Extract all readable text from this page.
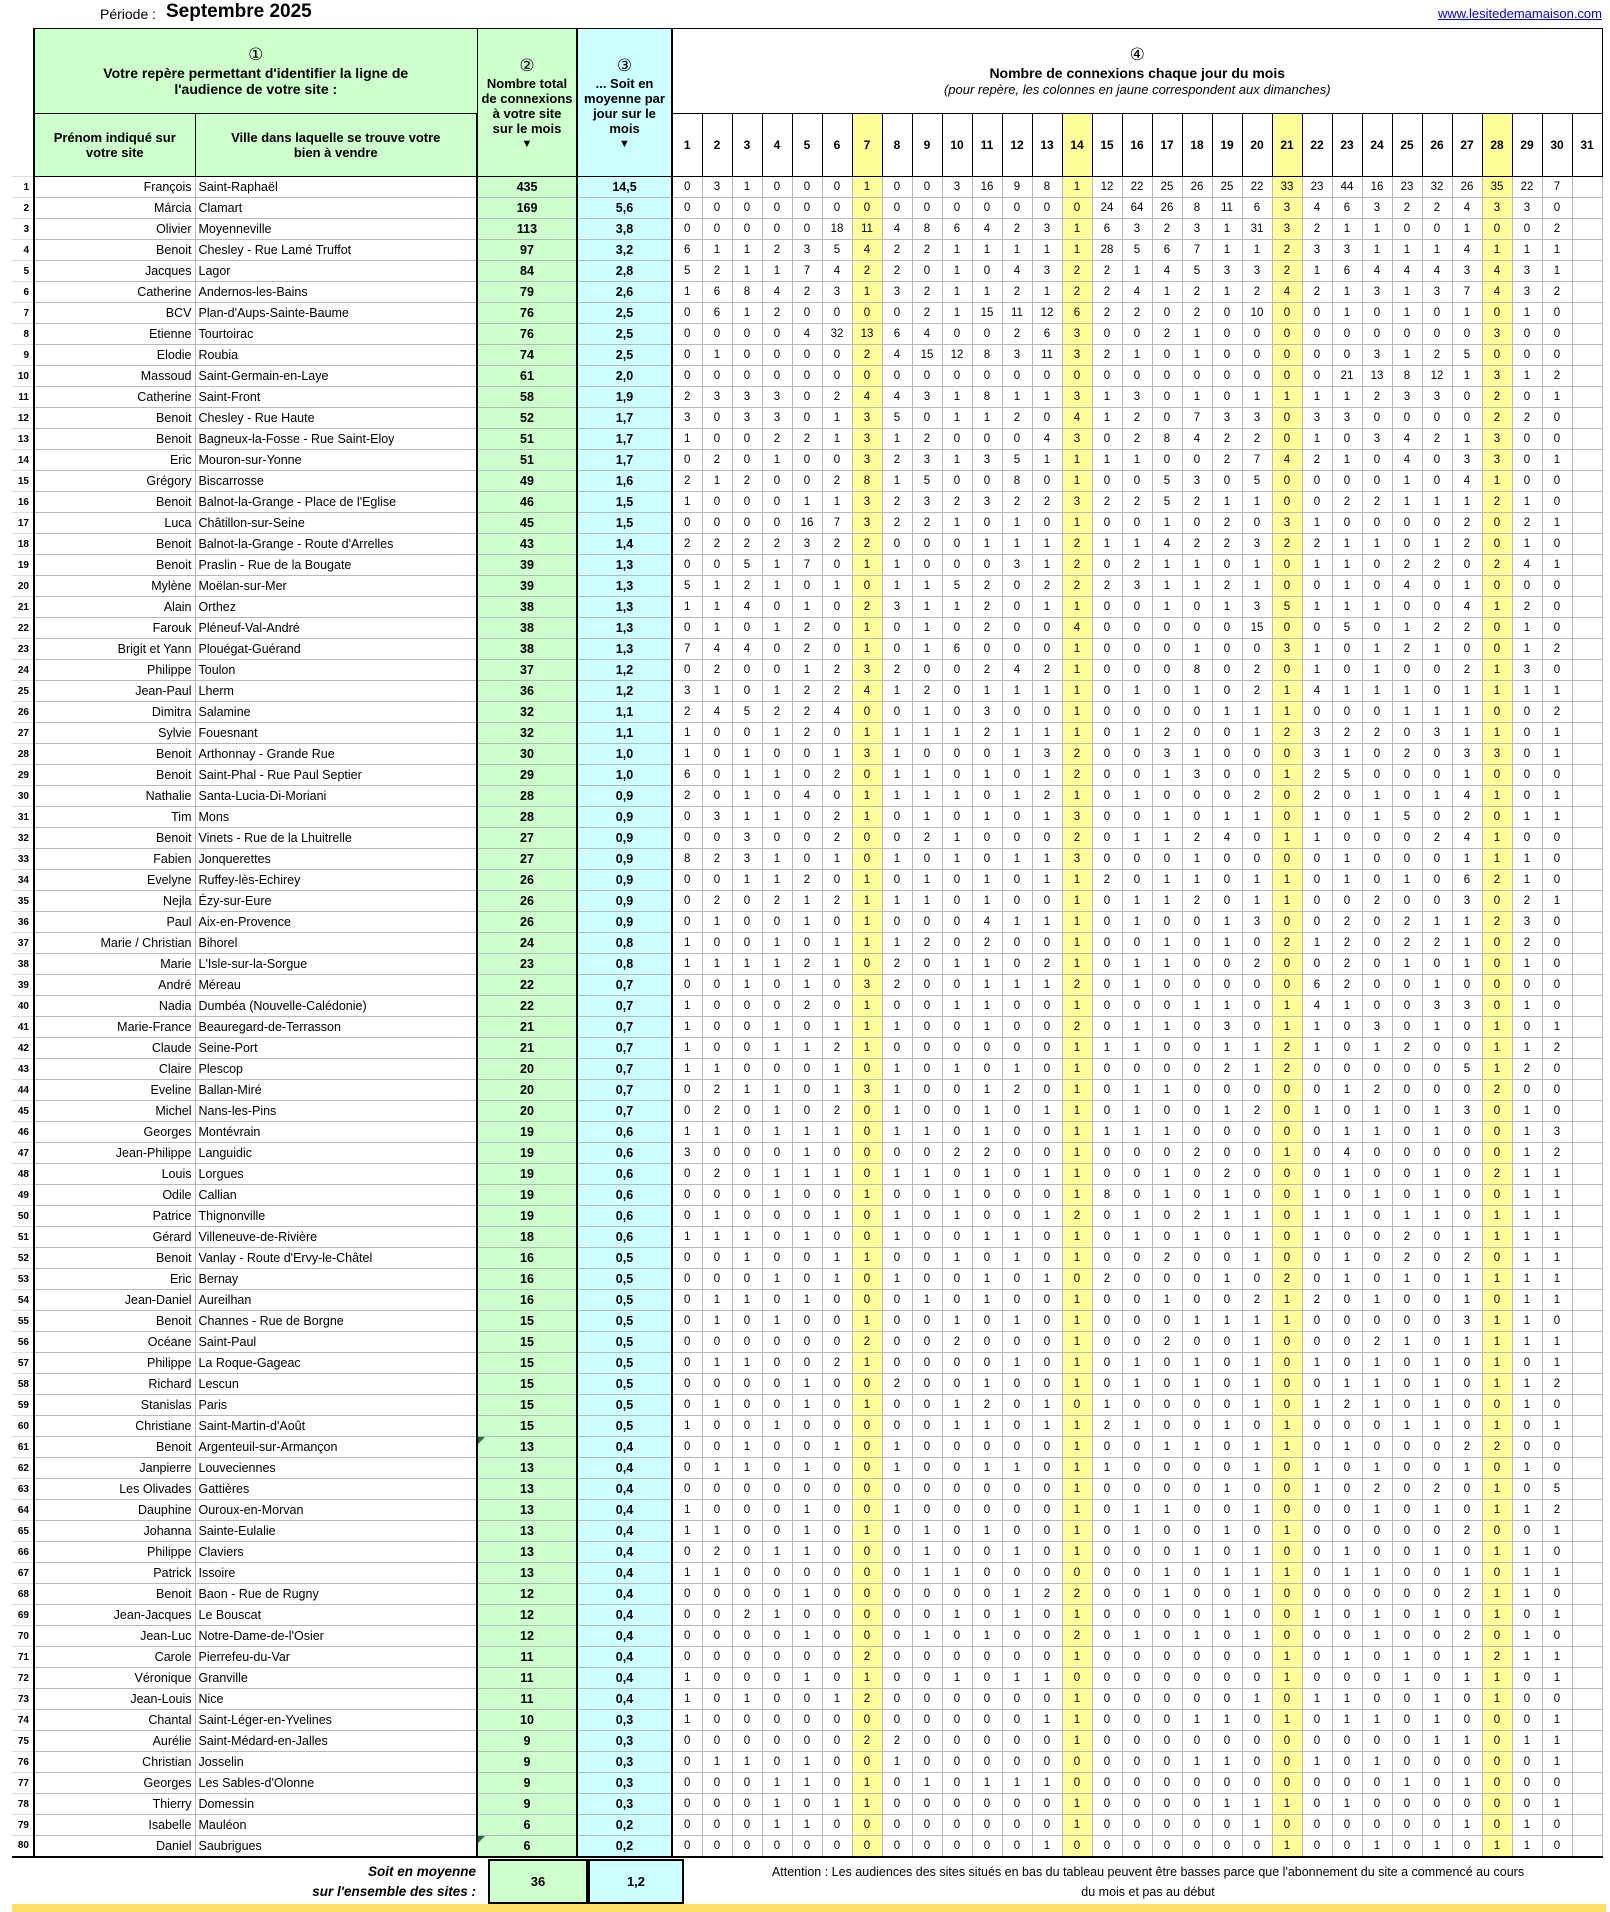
Période : Septembre 2025	www.lesitedemamaison.com

	①
Votre repère permettant d'identifier la ligne de
l'audience de votre site :		②
Nombre total de connexions à votre site sur le mois
▼	③
... Soit en moyenne par jour sur le mois
▼	④
Nombre de connexions chaque jour du mois
(pour repère, les colonnes en jaune correspondent aux dimanches)																														
	Prénom indiqué sur
votre site	Ville dans laquelle se trouve votre
bien à vendre			1	2	3	4	5	6	7	8	9	10	11	12	13	14	15	16	17	18	19	20	21	22	23	24	25	26	27	28	29	30	31
1	François	Saint-Raphaël	435	14,5	0	3	1	0	0	0	1	0	0	3	16	9	8	1	12	22	25	26	25	22	33	23	44	16	23	32	26	35	22	7	
2	Márcia	Clamart	169	5,6	0	0	0	0	0	0	0	0	0	0	0	0	0	0	24	64	26	8	11	6	3	4	6	3	2	2	4	3	3	0	
3	Olivier	Moyenneville	113	3,8	0	0	0	0	0	18	11	4	8	6	4	2	3	1	6	3	2	3	1	31	3	2	1	1	0	0	1	0	0	2	
4	Benoit	Chesley - Rue Lamé Truffot	97	3,2	6	1	1	2	3	5	4	2	2	1	1	1	1	1	28	5	6	7	1	1	2	3	3	1	1	1	4	1	1	1	
5	Jacques	Lagor	84	2,8	5	2	1	1	7	4	2	2	0	1	0	4	3	2	2	1	4	5	3	3	2	1	6	4	4	4	3	4	3	1	
6	Catherine	Andernos-les-Bains	79	2,6	1	6	8	4	2	3	1	3	2	1	1	2	1	2	2	4	1	2	1	2	4	2	1	3	1	3	7	4	3	2	
7	BCV	Plan-d'Aups-Sainte-Baume	76	2,5	0	6	1	2	0	0	0	0	2	1	15	11	12	6	2	2	0	2	0	10	0	0	1	0	1	0	1	0	1	0	
8	Etienne	Tourtoirac	76	2,5	0	0	0	0	4	32	13	6	4	0	0	2	6	3	0	0	2	1	0	0	0	0	0	0	0	0	0	3	0	0	
9	Elodie	Roubia	74	2,5	0	1	0	0	0	0	2	4	15	12	8	3	11	3	2	1	0	1	0	0	0	0	0	3	1	2	5	0	0	0	
10	Massoud	Saint-Germain-en-Laye	61	2,0	0	0	0	0	0	0	0	0	0	0	0	0	0	0	0	0	0	0	0	0	0	0	21	13	8	12	1	3	1	2	
11	Catherine	Saint-Front	58	1,9	2	3	3	3	0	2	4	4	3	1	8	1	1	3	1	3	0	1	0	1	1	1	1	2	3	3	0	2	0	1	
12	Benoit	Chesley - Rue Haute	52	1,7	3	0	3	3	0	1	3	5	0	1	1	2	0	4	1	2	0	7	3	3	0	3	3	0	0	0	0	2	2	0	
13	Benoit	Bagneux-la-Fosse - Rue Saint-Eloy	51	1,7	1	0	0	2	2	1	3	1	2	0	0	0	4	3	0	2	8	4	2	2	0	1	0	3	4	2	1	3	0	0	
14	Eric	Mouron-sur-Yonne	51	1,7	0	2	0	1	0	0	3	2	3	1	3	5	1	1	1	1	0	0	2	7	4	2	1	0	4	0	3	3	0	1	
15	Grégory	Biscarrosse	49	1,6	2	1	2	0	0	2	8	1	5	0	0	8	0	1	0	0	5	3	0	5	0	0	0	0	1	0	4	1	0	0	
16	Benoit	Balnot-la-Grange - Place de l'Eglise	46	1,5	1	0	0	0	1	1	3	2	3	2	3	2	2	3	2	2	5	2	1	1	0	0	2	2	1	1	1	2	1	0	
17	Luca	Châtillon-sur-Seine	45	1,5	0	0	0	0	16	7	3	2	2	1	0	1	0	1	0	0	1	0	2	0	3	1	0	0	0	0	2	0	2	1	
18	Benoit	Balnot-la-Grange - Route d'Arrelles	43	1,4	2	2	2	2	3	2	2	0	0	0	1	1	1	2	1	1	4	2	2	3	2	2	1	1	0	1	2	0	1	0	
19	Benoit	Praslin - Rue de la Bougate	39	1,3	0	0	5	1	7	0	1	1	0	0	0	3	1	2	0	2	1	1	0	1	0	1	1	0	2	2	0	2	4	1	
20	Mylène	Moëlan-sur-Mer	39	1,3	5	1	2	1	0	1	0	1	1	5	2	0	2	2	2	3	1	1	2	1	0	0	1	0	4	0	1	0	0	0	
21	Alain	Orthez	38	1,3	1	1	4	0	1	0	2	3	1	1	2	0	1	1	0	0	1	0	1	3	5	1	1	1	0	0	4	1	2	0	
22	Farouk	Pléneuf-Val-André	38	1,3	0	1	0	1	2	0	1	0	1	0	2	0	0	4	0	0	0	0	0	15	0	0	5	0	1	2	2	0	1	0	
23	Brigit et Yann	Plouégat-Guérand	38	1,3	7	4	4	0	2	0	1	0	1	6	0	0	0	1	0	0	0	1	0	0	3	1	0	1	2	1	0	0	1	2	
24	Philippe	Toulon	37	1,2	0	2	0	0	1	2	3	2	0	0	2	4	2	1	0	0	0	8	0	2	0	1	0	1	0	0	2	1	3	0	
25	Jean-Paul	Lherm	36	1,2	3	1	0	1	2	2	4	1	2	0	1	1	1	1	0	1	0	1	0	2	1	4	1	1	1	0	1	1	1	1	
26	Dimitra	Salamine	32	1,1	2	4	5	2	2	4	0	0	1	0	3	0	0	1	0	0	0	0	1	1	1	0	0	0	1	1	1	0	0	2	
27	Sylvie	Fouesnant	32	1,1	1	0	0	1	2	0	1	1	1	1	2	1	1	1	0	1	2	0	0	1	2	3	2	2	0	3	1	1	0	1	
28	Benoit	Arthonnay - Grande Rue	30	1,0	1	0	1	0	0	1	3	1	0	0	0	1	3	2	0	0	3	1	0	0	0	3	1	0	2	0	3	3	0	1	
29	Benoit	Saint-Phal - Rue Paul Septier	29	1,0	6	0	1	1	0	2	0	1	1	0	1	0	1	2	0	0	1	3	0	0	1	2	5	0	0	0	1	0	0	0	
30	Nathalie	Santa-Lucia-Di-Moriani	28	0,9	2	0	1	0	4	0	1	1	1	1	0	1	2	1	0	1	0	0	0	2	0	2	0	1	0	1	4	1	0	1	
31	Tim	Mons	28	0,9	0	3	1	1	0	2	1	0	1	0	1	0	1	3	0	0	1	0	1	1	0	1	0	1	5	0	2	0	1	1	
32	Benoit	Vinets - Rue de la Lhuitrelle	27	0,9	0	0	3	0	0	2	0	0	2	1	0	0	0	2	0	1	1	2	4	0	1	1	0	0	0	2	4	1	0	0	
33	Fabien	Jonquerettes	27	0,9	8	2	3	1	0	1	0	1	0	1	0	1	1	3	0	0	0	1	0	0	0	0	1	0	0	0	1	1	1	0	
34	Evelyne	Ruffey-lès-Echirey	26	0,9	0	0	1	1	2	0	1	0	1	0	1	0	1	1	2	0	1	1	0	1	1	0	1	0	1	0	6	2	1	0	
35	Nejla	Ézy-sur-Eure	26	0,9	0	2	0	2	1	2	1	1	1	0	1	0	0	1	0	1	1	2	0	1	1	0	0	2	0	0	3	0	2	1	
36	Paul	Aix-en-Provence	26	0,9	0	1	0	0	1	0	1	0	0	0	4	1	1	1	0	1	0	0	1	3	0	0	2	0	2	1	1	2	3	0	
37	Marie / Christian	Bihorel	24	0,8	1	0	0	1	0	1	1	1	2	0	2	0	0	1	0	0	1	0	1	0	2	1	2	0	2	2	1	0	2	0	
38	Marie	L'Isle-sur-la-Sorgue	23	0,8	1	1	1	1	2	1	0	2	0	1	1	0	2	1	0	1	1	0	0	2	0	0	2	0	1	0	1	0	1	0	
39	André	Méreau	22	0,7	0	0	1	0	1	0	3	2	0	0	1	1	1	2	0	1	0	0	0	0	0	6	2	0	0	1	0	0	0	0	
40	Nadia	Dumbéa (Nouvelle-Calédonie)	22	0,7	1	0	0	0	2	0	1	0	0	1	1	0	0	1	0	0	0	1	1	0	1	4	1	0	0	3	3	0	1	0	
41	Marie-France	Beauregard-de-Terrasson	21	0,7	1	0	0	1	0	1	1	1	0	0	1	0	0	2	0	1	1	0	3	0	1	1	0	3	0	1	0	1	0	1	
42	Claude	Seine-Port	21	0,7	1	0	0	1	1	2	1	0	0	0	0	0	0	1	1	1	0	0	1	1	2	1	0	1	2	0	0	1	1	2	
43	Claire	Plescop	20	0,7	1	1	0	0	0	1	0	1	0	1	0	1	0	1	0	0	0	0	2	1	2	0	0	0	0	0	5	1	2	0	
44	Eveline	Ballan-Miré	20	0,7	0	2	1	1	0	1	3	1	0	0	1	2	0	1	0	1	1	0	0	0	0	0	1	2	0	0	0	2	0	0	
45	Michel	Nans-les-Pins	20	0,7	0	2	0	1	0	2	0	1	0	0	1	0	1	1	0	1	0	0	1	2	0	1	0	1	0	1	3	0	1	0	
46	Georges	Montévrain	19	0,6	1	1	0	1	1	1	0	1	1	0	1	0	0	1	1	1	1	0	0	0	0	0	1	1	0	1	0	0	1	3	
47	Jean-Philippe	Languidic	19	0,6	3	0	0	0	1	0	0	0	0	2	2	0	0	1	0	0	0	2	0	0	1	0	4	0	0	0	0	0	1	2	
48	Louis	Lorgues	19	0,6	0	2	0	1	1	1	0	1	1	0	1	0	1	1	0	0	1	0	2	0	0	0	1	0	0	1	0	2	1	1	
49	Odile	Callian	19	0,6	0	0	0	1	0	0	1	0	0	1	0	0	0	1	8	0	1	0	1	0	0	1	0	1	0	1	0	0	1	1	
50	Patrice	Thignonville	19	0,6	0	1	0	0	0	1	0	1	0	1	0	0	1	2	0	1	0	2	1	1	0	1	1	0	1	1	0	1	1	1	
51	Gérard	Villeneuve-de-Rivière	18	0,6	1	1	1	0	1	0	0	1	0	0	1	1	0	1	0	1	0	1	0	1	0	1	0	0	2	0	1	1	1	1	
52	Benoit	Vanlay - Route d'Ervy-le-Châtel	16	0,5	0	0	1	0	0	1	1	0	0	1	0	1	0	1	0	0	2	0	0	1	0	0	1	0	2	0	2	0	1	1	
53	Eric	Bernay	16	0,5	0	0	0	1	0	1	0	1	0	0	1	0	1	0	2	0	0	0	1	0	2	0	1	0	1	0	1	1	1	1	
54	Jean-Daniel	Aureilhan	16	0,5	0	1	1	0	1	0	0	0	1	0	1	0	0	1	0	0	1	0	0	2	1	2	0	1	0	0	1	0	1	1	
55	Benoit	Channes - Rue de Borgne	15	0,5	0	1	0	1	0	0	1	0	0	1	0	1	0	1	0	0	0	1	1	1	1	0	0	0	0	0	3	1	1	0	
56	Océane	Saint-Paul	15	0,5	0	0	0	0	0	0	2	0	0	2	0	0	0	1	0	0	2	0	0	1	0	0	0	2	1	0	1	1	1	1	
57	Philippe	La Roque-Gageac	15	0,5	0	1	1	0	0	2	1	0	0	0	0	1	0	1	0	1	0	1	0	1	0	1	0	1	0	1	0	1	0	1	
58	Richard	Lescun	15	0,5	0	0	0	0	1	0	0	2	0	0	1	0	0	1	0	1	0	1	0	1	0	0	1	1	0	1	0	1	1	2	
59	Stanislas	Paris	15	0,5	0	1	0	0	1	0	1	0	0	1	2	0	1	0	1	0	0	0	0	1	0	1	2	1	0	1	0	0	1	0	
60	Christiane	Saint-Martin-d'Août	15	0,5	1	0	0	1	0	0	0	0	0	1	1	0	1	1	2	1	0	0	1	0	1	0	0	0	1	1	0	1	0	1	
61	Benoit	Argenteuil-sur-Armançon	13	0,4	0	0	1	0	0	1	0	1	0	0	0	0	0	1	0	0	1	1	0	1	1	0	1	0	0	0	2	2	0	0	
62	Janpierre	Louveciennes	13	0,4	0	1	1	0	1	0	0	1	0	0	1	1	0	1	1	0	0	0	0	1	0	1	0	1	0	0	1	0	1	0	
63	Les Olivades	Gattières	13	0,4	0	0	0	0	0	0	0	0	0	0	0	0	0	1	0	0	0	0	1	0	0	1	0	2	0	2	0	1	0	5	
64	Dauphine	Ouroux-en-Morvan	13	0,4	1	0	0	0	1	0	0	1	0	0	0	0	0	1	0	1	1	0	0	1	0	0	0	1	0	1	0	1	1	2	
65	Johanna	Sainte-Eulalie	13	0,4	1	1	0	0	1	0	1	0	1	0	1	0	0	1	0	1	0	0	1	0	1	0	0	0	0	0	2	0	0	1	
66	Philippe	Claviers	13	0,4	0	2	0	1	1	0	0	0	1	0	0	1	0	1	0	0	0	1	0	1	0	0	1	0	0	1	0	1	1	0	
67	Patrick	Issoire	13	0,4	1	1	0	0	0	0	0	0	1	1	0	0	0	0	0	0	1	0	1	1	1	0	1	1	0	0	1	0	1	1	
68	Benoit	Baon - Rue de Rugny	12	0,4	0	0	0	0	1	0	0	0	0	0	0	1	2	2	0	0	1	0	0	1	0	0	0	0	0	0	2	1	1	0	
69	Jean-Jacques	Le Bouscat	12	0,4	0	0	2	1	0	0	0	0	0	1	0	1	0	1	0	0	0	0	1	0	0	1	0	1	0	1	0	1	0	1	
70	Jean-Luc	Notre-Dame-de-l'Osier	12	0,4	0	0	0	0	1	0	0	0	1	0	1	0	0	2	0	1	0	1	0	1	0	0	0	1	0	0	2	0	1	0	
71	Carole	Pierrefeu-du-Var	11	0,4	0	0	0	0	0	0	2	0	0	0	0	0	0	1	0	0	0	0	0	0	1	0	1	0	1	0	1	2	1	1	
72	Véronique	Granville	11	0,4	1	0	0	0	1	0	1	0	0	1	0	1	1	0	0	0	0	0	0	0	1	0	0	0	1	0	1	1	0	1	
73	Jean-Louis	Nice	11	0,4	1	0	1	0	0	1	2	0	0	0	0	0	0	1	0	0	0	0	0	1	0	1	1	0	0	1	0	1	0	0	
74	Chantal	Saint-Léger-en-Yvelines	10	0,3	1	0	0	0	0	0	0	0	0	0	0	0	1	1	0	0	0	1	1	0	1	0	1	1	0	1	0	0	0	1	
75	Aurélie	Saint-Médard-en-Jalles	9	0,3	0	0	0	0	0	0	2	2	0	0	0	0	0	1	0	0	0	0	0	0	0	0	0	0	0	1	1	0	1	1	
76	Christian	Josselin	9	0,3	0	1	1	0	1	0	0	1	0	0	0	0	0	0	0	0	0	1	1	0	0	1	0	1	0	0	0	0	0	1	
77	Georges	Les Sables-d'Olonne	9	0,3	0	0	0	1	1	0	1	0	1	0	1	1	1	0	0	0	0	0	0	0	0	0	0	0	1	0	1	0	0	0	
78	Thierry	Domessin	9	0,3	0	0	0	1	0	1	1	0	0	0	0	0	0	1	0	0	0	0	1	1	1	0	1	0	0	0	0	0	0	1	
79	Isabelle	Mauléon	6	0,2	0	0	0	1	1	0	0	0	0	0	0	0	0	1	0	0	0	0	0	1	0	0	0	0	0	0	1	0	1	0	
80	Daniel	Saubrigues	6	0,2	0	0	0	0	0	0	0	0	0	0	0	0	1	0	0	0	0	0	0	0	1	0	0	1	0	1	0	1	1	0	
Soit en moyenne
sur l'ensemble des sites :
36	1,2
Attention : Les audiences des sites situés en bas du tableau peuvent être basses parce que l'abonnement du site a commencé au cours
du mois et pas au début
